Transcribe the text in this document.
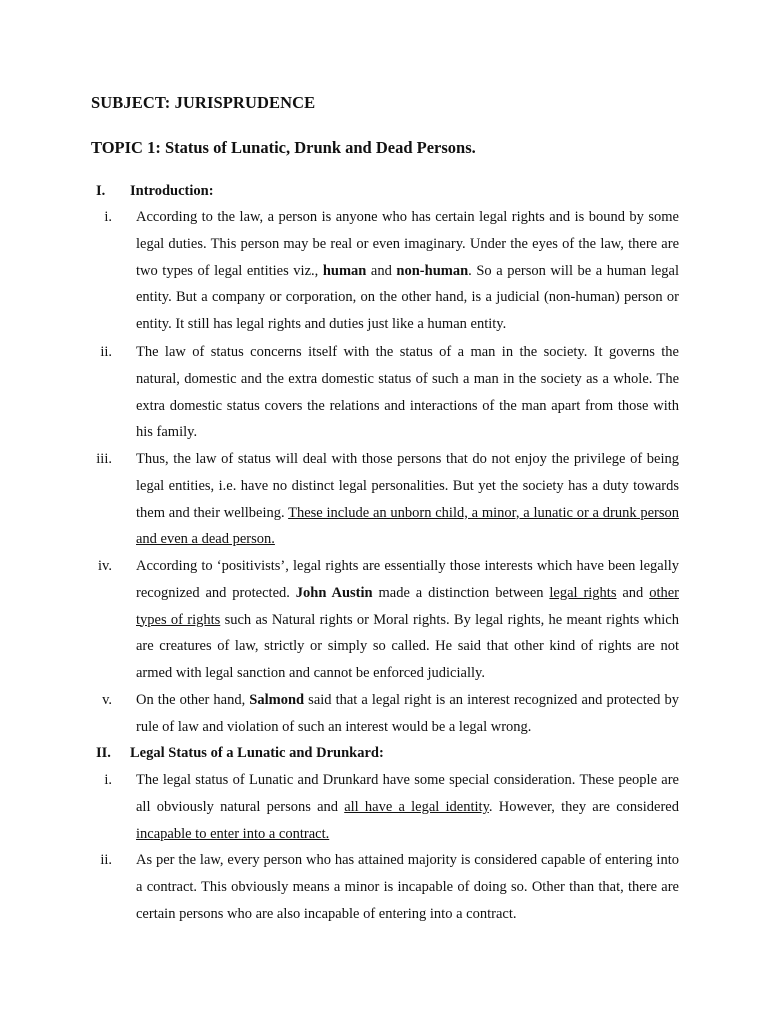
SUBJECT: JURISPRUDENCE
TOPIC 1: Status of Lunatic, Drunk and Dead Persons.
I. Introduction:
i. According to the law, a person is anyone who has certain legal rights and is bound by some legal duties. This person may be real or even imaginary. Under the eyes of the law, there are two types of legal entities viz., human and non-human. So a person will be a human legal entity. But a company or corporation, on the other hand, is a judicial (non-human) person or entity. It still has legal rights and duties just like a human entity.

ii. The law of status concerns itself with the status of a man in the society. It governs the natural, domestic and the extra domestic status of such a man in the society as a whole. The extra domestic status covers the relations and interactions of the man apart from those with his family.

iii. Thus, the law of status will deal with those persons that do not enjoy the privilege of being legal entities, i.e. have no distinct legal personalities. But yet the society has a duty towards them and their wellbeing. These include an unborn child, a minor, a lunatic or a drunk person and even a dead person.

iv. According to ‘positivists’, legal rights are essentially those interests which have been legally recognized and protected. John Austin made a distinction between legal rights and other types of rights such as Natural rights or Moral rights. By legal rights, he meant rights which are creatures of law, strictly or simply so called. He said that other kind of rights are not armed with legal sanction and cannot be enforced judicially.

v. On the other hand, Salmond said that a legal right is an interest recognized and protected by rule of law and violation of such an interest would be a legal wrong.

II. Legal Status of a Lunatic and Drunkard:
i. The legal status of Lunatic and Drunkard have some special consideration. These people are all obviously natural persons and all have a legal identity. However, they are considered incapable to enter into a contract.

ii. As per the law, every person who has attained majority is considered capable of entering into a contract. This obviously means a minor is incapable of doing so. Other than that, there are certain persons who are also incapable of entering into a contract.
